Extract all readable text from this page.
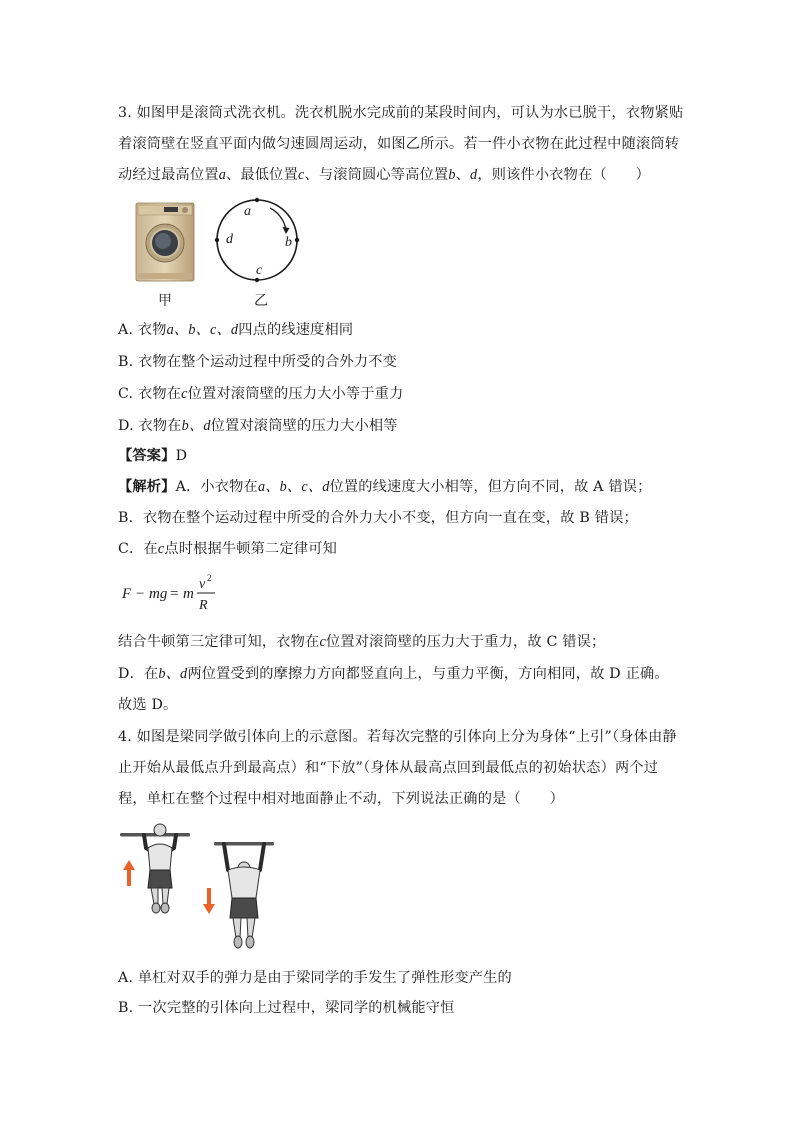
3. 如图甲是滚筒式洗衣机。洗衣机脱水完成前的某段时间内，可认为水已脱干，衣物紧贴
着滚筒壁在竖直平面内做匀速圆周运动，如图乙所示。若一件小衣物在此过程中随滚筒转
动经过最高位置a、最低位置c、与滚筒圆心等高位置b、d，则该件小衣物在（　　）
甲
a
b
c
d
乙
A. 衣物a、b、c、d四点的线速度相同
B. 衣物在整个运动过程中所受的合外力不变
C. 衣物在c位置对滚筒壁的压力大小等于重力
D. 衣物在b、d位置对滚筒壁的压力大小相等
【答案】D
【解析】A．小衣物在a、b、c、d位置的线速度大小相等，但方向不同，故 A 错误；
B．衣物在整个运动过程中所受的合外力大小不变，但方向一直在变，故 B 错误；
C．在c点时根据牛顿第二定律可知
F − mg = m
v 2
R
结合牛顿第三定律可知，衣物在c位置对滚筒壁的压力大于重力，故 C 错误；
D．在b、d两位置受到的摩擦力方向都竖直向上，与重力平衡，方向相同，故 D 正确。
故选 D。
4. 如图是梁同学做引体向上的示意图。若每次完整的引体向上分为身体“上引”（身体由静
止开始从最低点升到最高点）和“下放”（身体从最高点回到最低点的初始状态）两个过
程，单杠在整个过程中相对地面静止不动，下列说法正确的是（　　）
A. 单杠对双手的弹力是由于梁同学的手发生了弹性形变产生的
B. 一次完整的引体向上过程中，梁同学的机械能守恒
